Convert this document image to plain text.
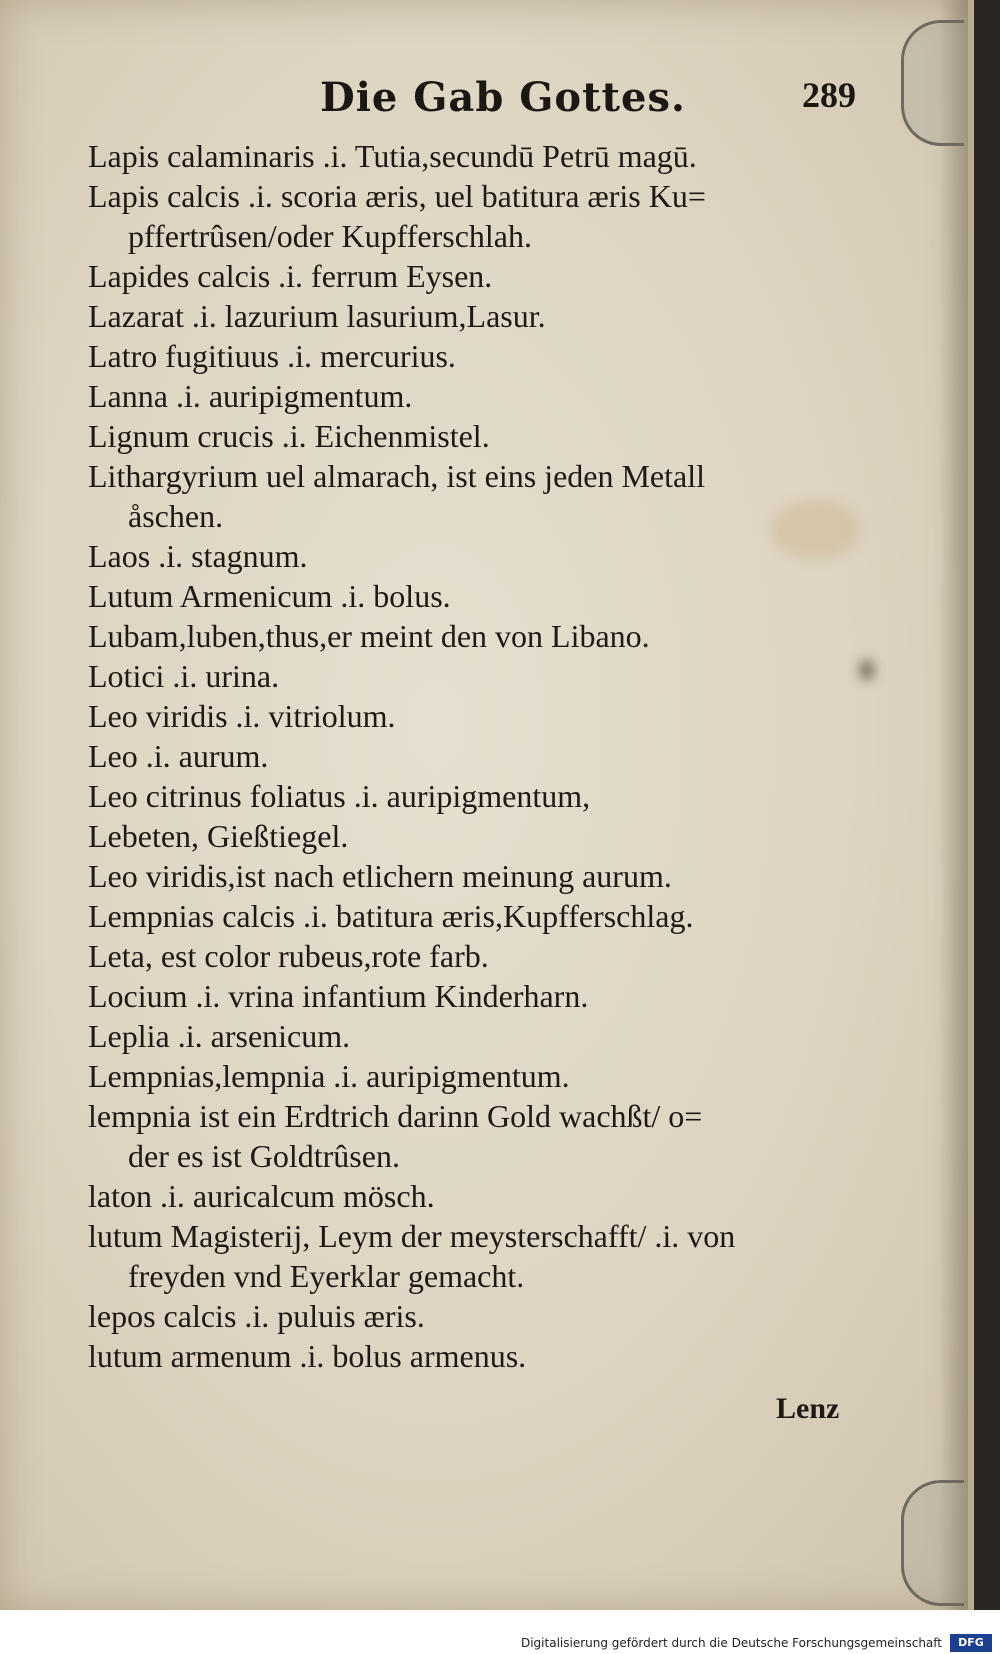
Die Gab Gottes.	289
Lapis calaminaris .i. Tutia,secundū Petrū magū.
Lapis calcis .i. scoria æris, uel batitura æris Ku=
pffertrûsen/oder Kupfferschlah.
Lapides calcis .i. ferrum Eysen.
Lazarat .i. lazurium lasurium,Lasur.
Latro fugitiuus .i. mercurius.
Lanna .i. auripigmentum.
Lignum crucis .i. Eichenmistel.
Lithargyrium uel almarach, ist eins jeden Metall
åschen.
Laos .i. stagnum.
Lutum Armenicum .i. bolus.
Lubam,luben,thus,er meint den von Libano.
Lotici .i. urina.
Leo viridis .i. vitriolum.
Leo .i. aurum.
Leo citrinus foliatus .i. auripigmentum,
Lebeten, Gießtiegel.
Leo viridis,ist nach etlichern meinung aurum.
Lempnias calcis .i. batitura æris,Kupfferschlag.
Leta, est color rubeus,rote farb.
Locium .i. vrina infantium Kinderharn.
Leplia .i. arsenicum.
Lempnias,lempnia .i. auripigmentum.
lempnia ist ein Erdtrich darinn Gold wachßt/ o=
der es ist Goldtrûsen.
laton .i. auricalcum mösch.
lutum Magisterij, Leym der meysterschafft/ .i. von
freyden vnd Eyerklar gemacht.
lepos calcis .i. puluis æris.
lutum armenum .i. bolus armenus.
Lenz
Digitalisierung gefördert durch die Deutsche Forschungsgemeinschaft	DFG
